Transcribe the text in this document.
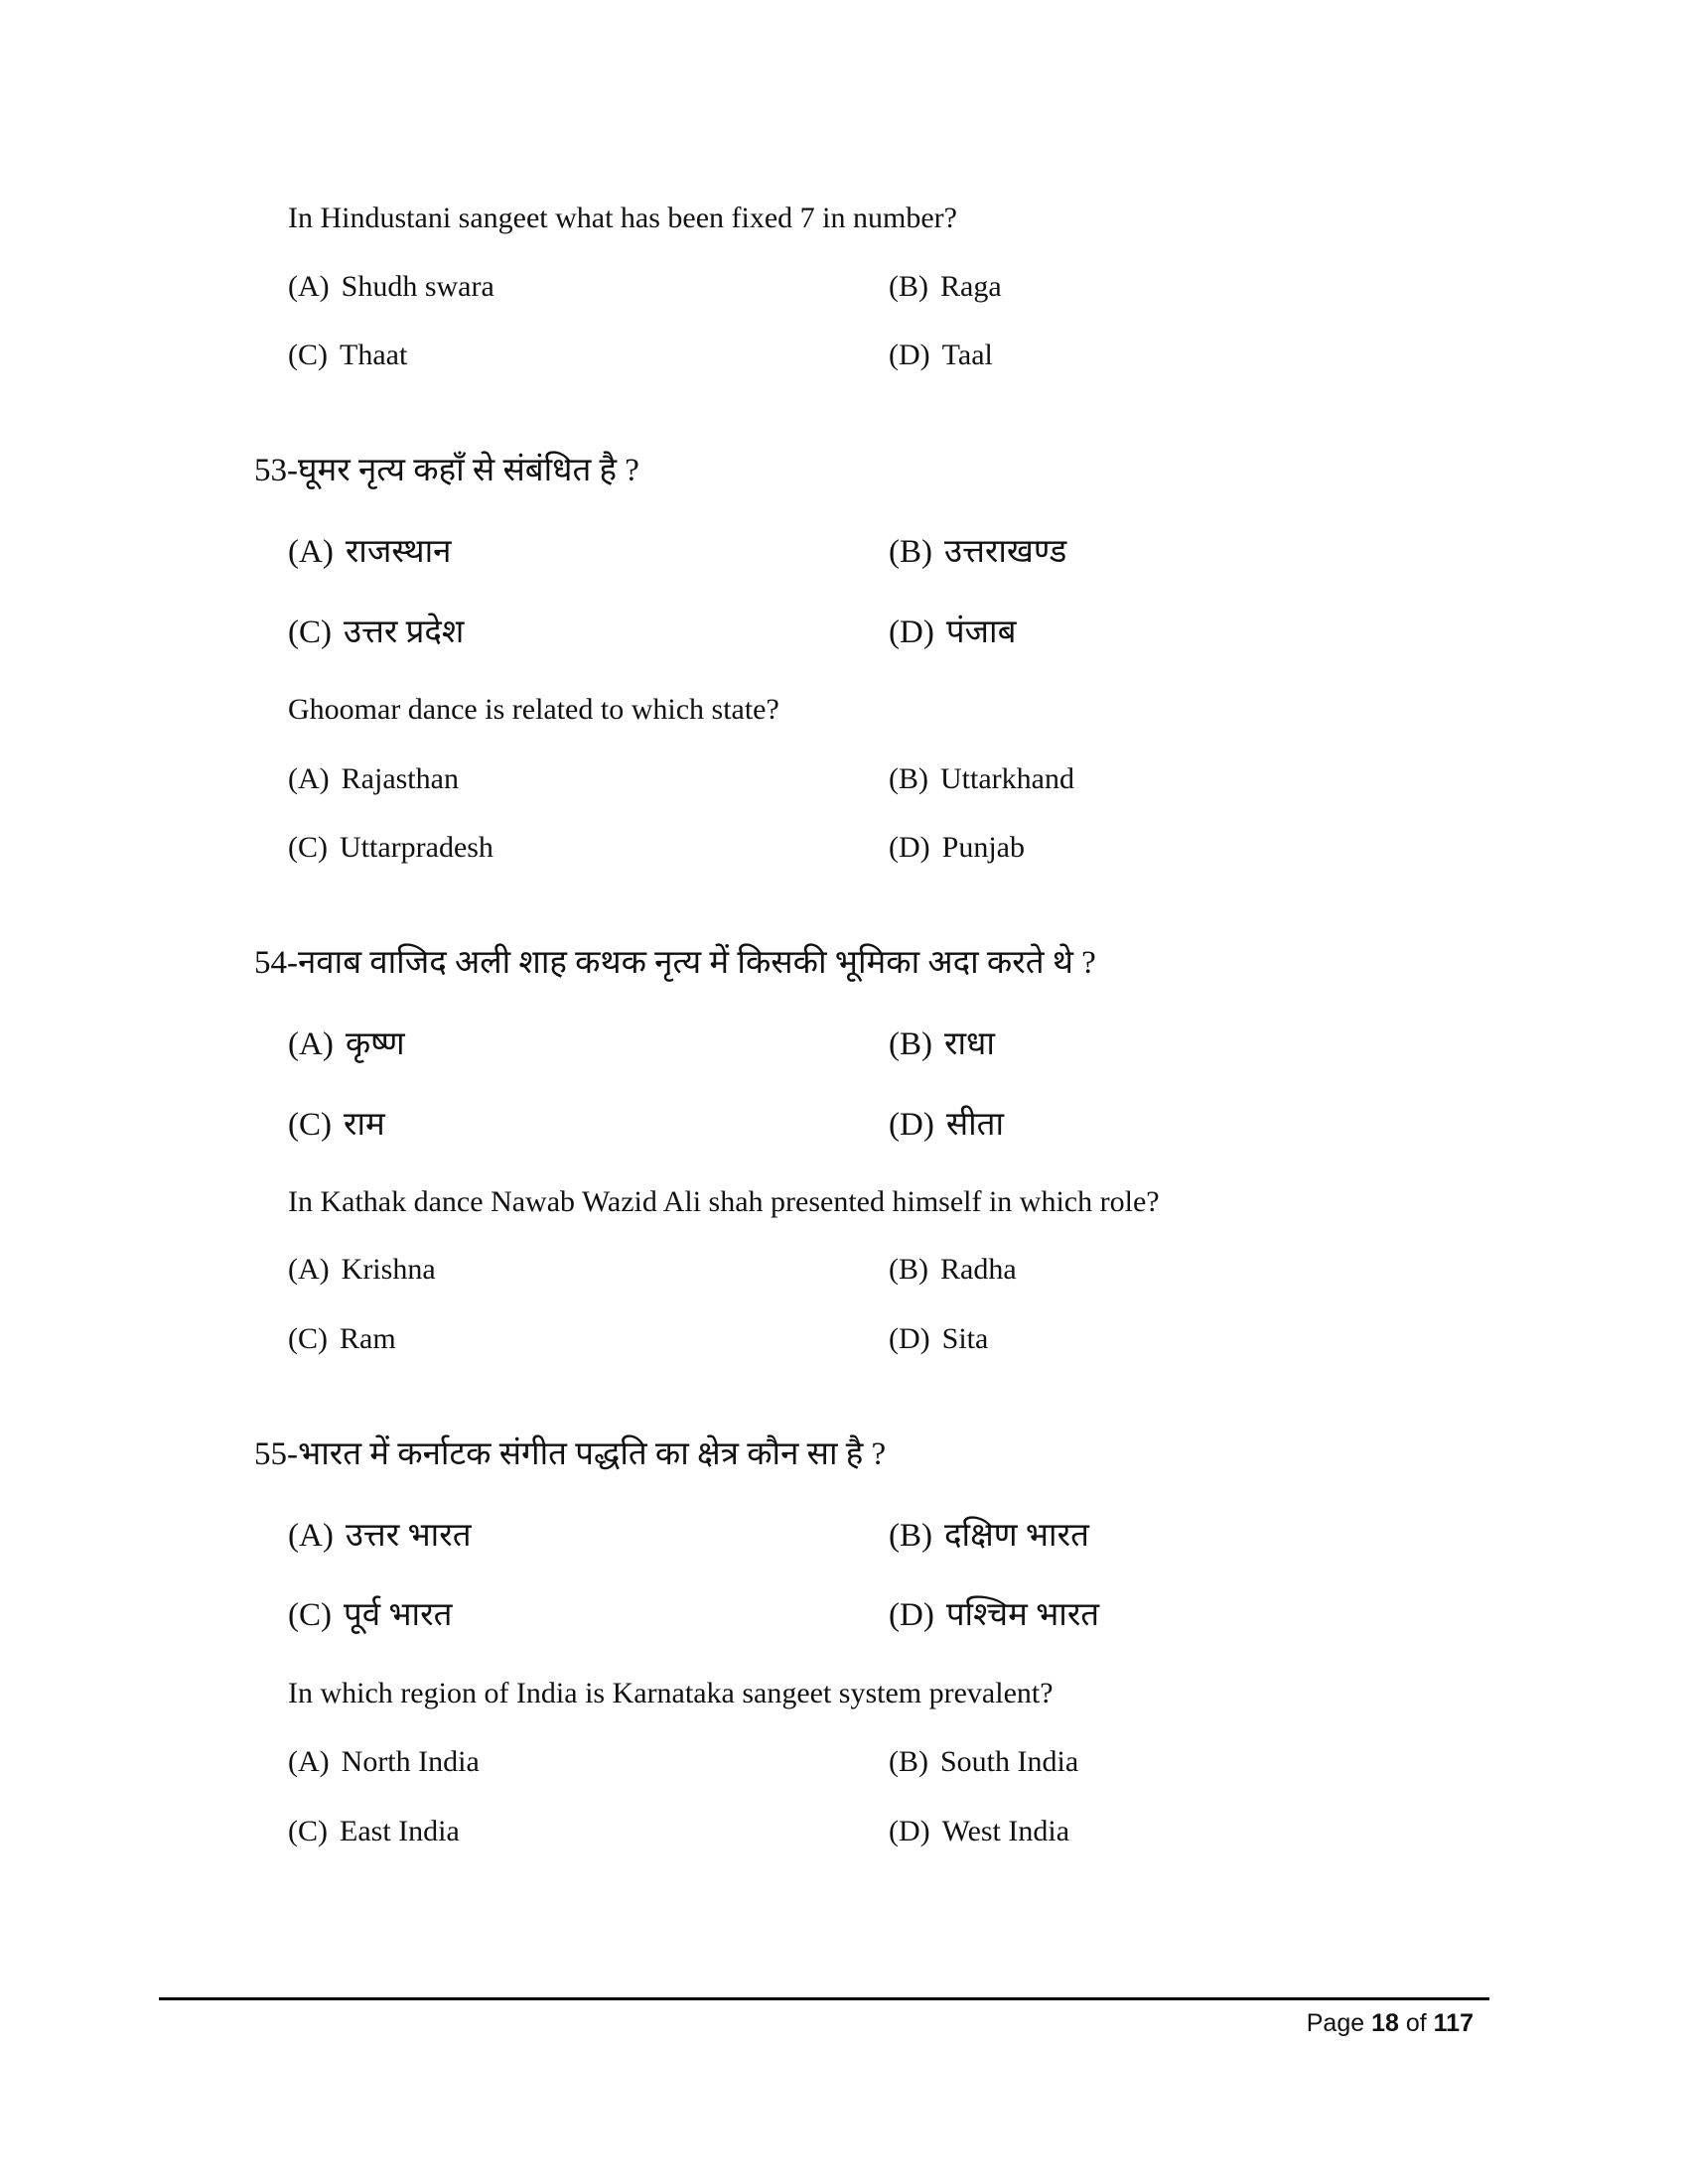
In Hindustani sangeet what has been fixed 7 in number?
(A) Shudh swara	(B) Raga
(C) Thaat	(D) Taal
53-घूमर नृत्य कहाँ से संबंधित है ?
(A) राजस्थान	(B) उत्तराखण्ड
(C) उत्तर प्रदेश	(D) पंजाब
Ghoomar dance is related to which state?
(A) Rajasthan	(B) Uttarkhand
(C) Uttarpradesh	(D) Punjab
54-नवाब वाजिद अली शाह कथक नृत्य में किसकी भूमिका अदा करते थे ?
(A) कृष्ण	(B) राधा
(C) राम	(D) सीता
In Kathak dance Nawab Wazid Ali shah presented himself in which role?
(A) Krishna	(B) Radha
(C) Ram	(D) Sita
55-भारत में कर्नाटक संगीत पद्धति का क्षेत्र कौन सा है ?
(A) उत्तर भारत	(B) दक्षिण भारत
(C) पूर्व भारत	(D) पश्चिम भारत
In which region of India is Karnataka sangeet system prevalent?
(A) North India	(B) South India
(C) East India	(D) West India
Page 18 of 117
